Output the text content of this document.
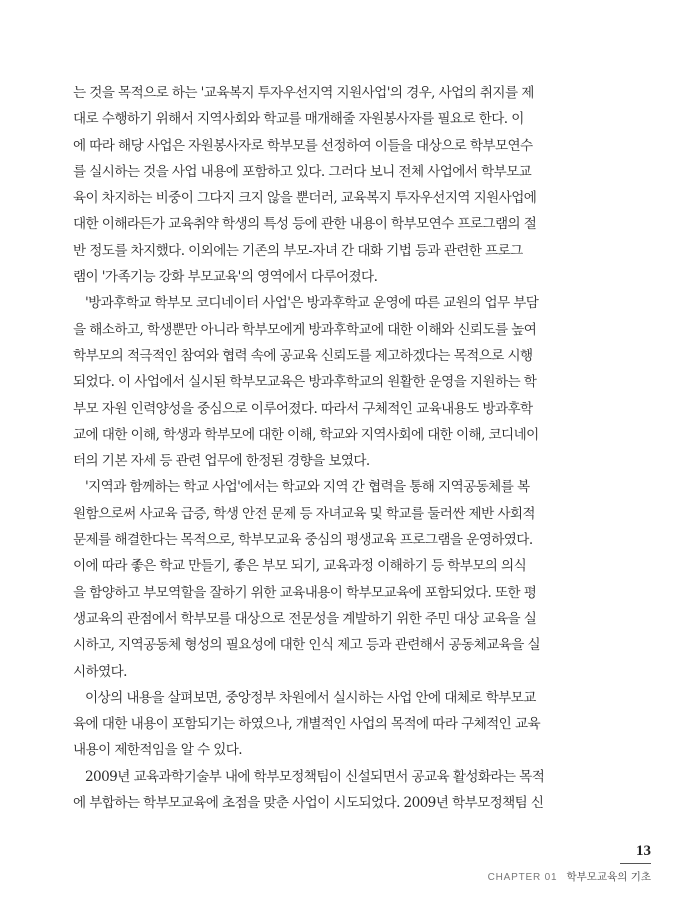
는 것을 목적으로 하는 '교육복지 투자우선지역 지원사업'의 경우, 사업의 취지를 제
대로 수행하기 위해서 지역사회와 학교를 매개해줄 자원봉사자를 필요로 한다. 이
에 따라 해당 사업은 자원봉사자로 학부모를 선정하여 이들을 대상으로 학부모연수
를 실시하는 것을 사업 내용에 포함하고 있다. 그러다 보니 전체 사업에서 학부모교
육이 차지하는 비중이 그다지 크지 않을 뿐더러, 교육복지 투자우선지역 지원사업에
대한 이해라든가 교육취약 학생의 특성 등에 관한 내용이 학부모연수 프로그램의 절
반 정도를 차지했다. 이외에는 기존의 부모-자녀 간 대화 기법 등과 관련한 프로그
램이 '가족기능 강화 부모교육'의 영역에서 다루어졌다.
'방과후학교 학부모 코디네이터 사업'은 방과후학교 운영에 따른 교원의 업무 부담
을 해소하고, 학생뿐만 아니라 학부모에게 방과후학교에 대한 이해와 신뢰도를 높여
학부모의 적극적인 참여와 협력 속에 공교육 신뢰도를 제고하겠다는 목적으로 시행
되었다. 이 사업에서 실시된 학부모교육은 방과후학교의 원활한 운영을 지원하는 학
부모 자원 인력양성을 중심으로 이루어졌다. 따라서 구체적인 교육내용도 방과후학
교에 대한 이해, 학생과 학부모에 대한 이해, 학교와 지역사회에 대한 이해, 코디네이
터의 기본 자세 등 관련 업무에 한정된 경향을 보였다.
'지역과 함께하는 학교 사업'에서는 학교와 지역 간 협력을 통해 지역공동체를 복
원함으로써 사교육 급증, 학생 안전 문제 등 자녀교육 및 학교를 둘러싼 제반 사회적
문제를 해결한다는 목적으로, 학부모교육 중심의 평생교육 프로그램을 운영하였다.
이에 따라 좋은 학교 만들기, 좋은 부모 되기, 교육과정 이해하기 등 학부모의 의식
을 함양하고 부모역할을 잘하기 위한 교육내용이 학부모교육에 포함되었다. 또한 평
생교육의 관점에서 학부모를 대상으로 전문성을 계발하기 위한 주민 대상 교육을 실
시하고, 지역공동체 형성의 필요성에 대한 인식 제고 등과 관련해서 공동체교육을 실
시하였다.
이상의 내용을 살펴보면, 중앙정부 차원에서 실시하는 사업 안에 대체로 학부모교
육에 대한 내용이 포함되기는 하였으나, 개별적인 사업의 목적에 따라 구체적인 교육
내용이 제한적임을 알 수 있다.
2009년 교육과학기술부 내에 학부모정책팀이 신설되면서 공교육 활성화라는 목적
에 부합하는 학부모교육에 초점을 맞춘 사업이 시도되었다. 2009년 학부모정책팀 신
13
CHAPTER 01 학부모교육의 기초
